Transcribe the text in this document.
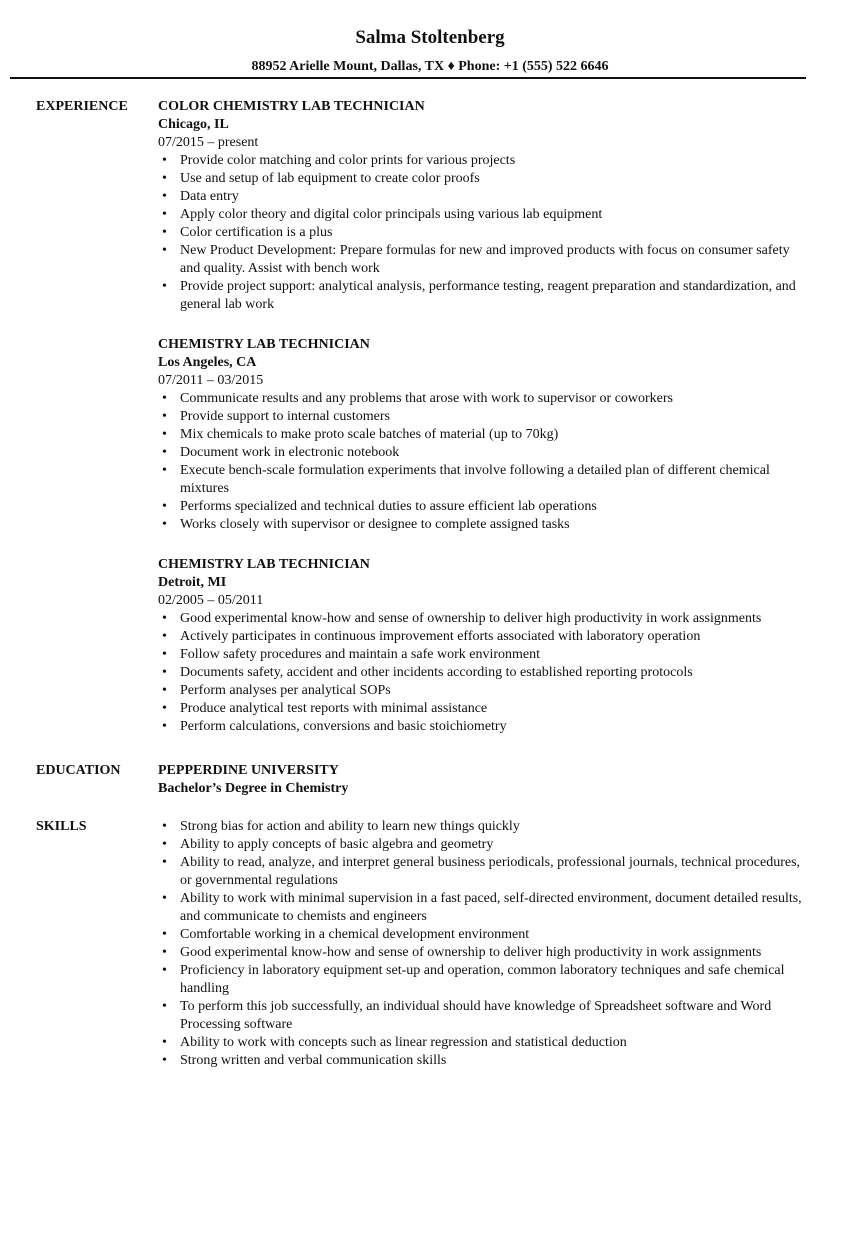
Salma Stoltenberg
88952 Arielle Mount, Dallas, TX ♦ Phone: +1 (555) 522 6646
EXPERIENCE COLOR CHEMISTRY LAB TECHNICIAN
Chicago, IL
07/2015 – present
• Provide color matching and color prints for various projects
• Use and setup of lab equipment to create color proofs
• Data entry
• Apply color theory and digital color principals using various lab equipment
• Color certification is a plus
• New Product Development: Prepare formulas for new and improved products with focus on consumer safety and quality. Assist with bench work
• Provide project support: analytical analysis, performance testing, reagent preparation and standardization, and general lab work
CHEMISTRY LAB TECHNICIAN
Los Angeles, CA
07/2011 – 03/2015
• Communicate results and any problems that arose with work to supervisor or coworkers
• Provide support to internal customers
• Mix chemicals to make proto scale batches of material (up to 70kg)
• Document work in electronic notebook
• Execute bench-scale formulation experiments that involve following a detailed plan of different chemical mixtures
• Performs specialized and technical duties to assure efficient lab operations
• Works closely with supervisor or designee to complete assigned tasks
CHEMISTRY LAB TECHNICIAN
Detroit, MI
02/2005 – 05/2011
• Good experimental know-how and sense of ownership to deliver high productivity in work assignments
• Actively participates in continuous improvement efforts associated with laboratory operation
• Follow safety procedures and maintain a safe work environment
• Documents safety, accident and other incidents according to established reporting protocols
• Perform analyses per analytical SOPs
• Produce analytical test reports with minimal assistance
• Perform calculations, conversions and basic stoichiometry
EDUCATION	PEPPERDINE UNIVERSITY
Bachelor’s Degree in Chemistry
SKILLS	• Strong bias for action and ability to learn new things quickly
• Ability to apply concepts of basic algebra and geometry
• Ability to read, analyze, and interpret general business periodicals, professional journals, technical procedures, or governmental regulations
• Ability to work with minimal supervision in a fast paced, self-directed environment, document detailed results, and communicate to chemists and engineers
• Comfortable working in a chemical development environment
• Good experimental know-how and sense of ownership to deliver high productivity in work assignments
• Proficiency in laboratory equipment set-up and operation, common laboratory techniques and safe chemical handling
• To perform this job successfully, an individual should have knowledge of Spreadsheet software and Word Processing software
• Ability to work with concepts such as linear regression and statistical deduction
• Strong written and verbal communication skills
